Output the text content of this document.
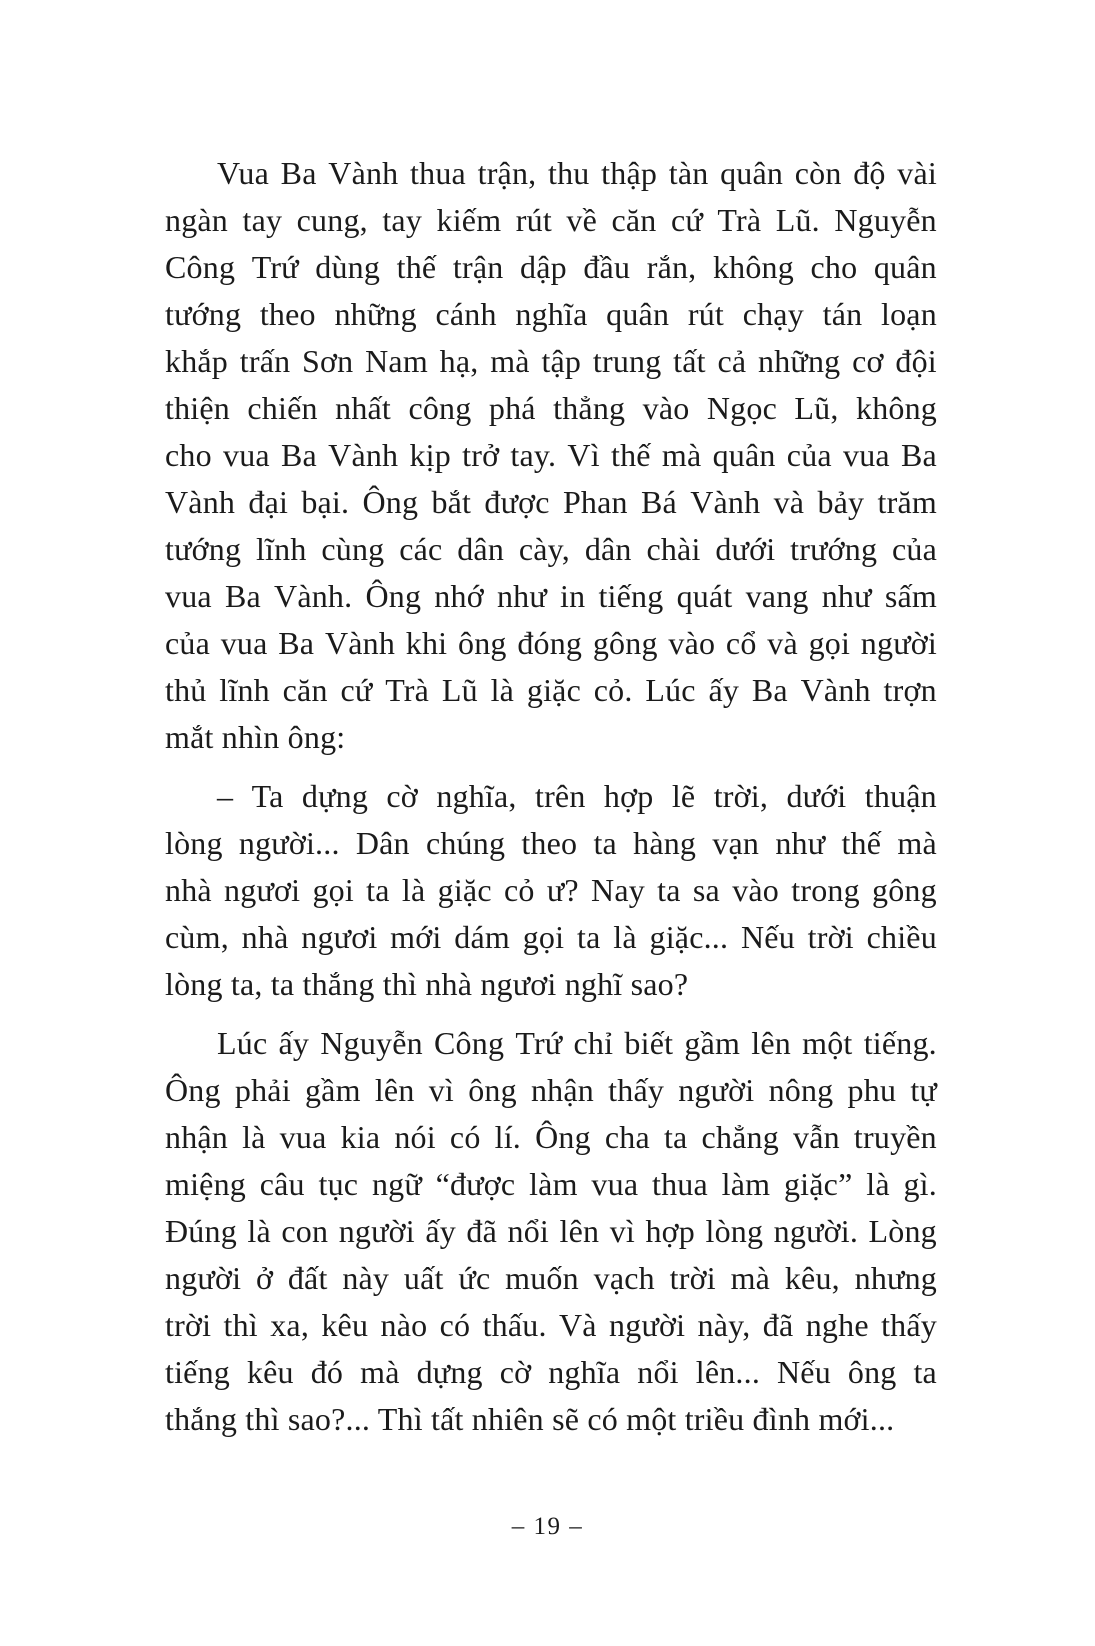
Vua Ba Vành thua trận, thu thập tàn quân còn độ vài
ngàn tay cung, tay kiếm rút về căn cứ Trà Lũ. Nguyễn
Công Trứ dùng thế trận dập đầu rắn, không cho quân
tướng theo những cánh nghĩa quân rút chạy tán loạn
khắp trấn Sơn Nam hạ, mà tập trung tất cả những cơ đội
thiện chiến nhất công phá thẳng vào Ngọc Lũ, không
cho vua Ba Vành kịp trở tay. Vì thế mà quân của vua Ba
Vành đại bại. Ông bắt được Phan Bá Vành và bảy trăm
tướng lĩnh cùng các dân cày, dân chài dưới trướng của
vua Ba Vành. Ông nhớ như in tiếng quát vang như sấm
của vua Ba Vành khi ông đóng gông vào cổ và gọi người
thủ lĩnh căn cứ Trà Lũ là giặc cỏ. Lúc ấy Ba Vành trợn
mắt nhìn ông:
– Ta dựng cờ nghĩa, trên hợp lẽ trời, dưới thuận
lòng người... Dân chúng theo ta hàng vạn như thế mà
nhà ngươi gọi ta là giặc cỏ ư? Nay ta sa vào trong gông
cùm, nhà ngươi mới dám gọi ta là giặc... Nếu trời chiều
lòng ta, ta thắng thì nhà ngươi nghĩ sao?
Lúc ấy Nguyễn Công Trứ chỉ biết gầm lên một tiếng.
Ông phải gầm lên vì ông nhận thấy người nông phu tự
nhận là vua kia nói có lí. Ông cha ta chẳng vẫn truyền
miệng câu tục ngữ “được làm vua thua làm giặc” là gì.
Đúng là con người ấy đã nổi lên vì hợp lòng người. Lòng
người ở đất này uất ức muốn vạch trời mà kêu, nhưng
trời thì xa, kêu nào có thấu. Và người này, đã nghe thấy
tiếng kêu đó mà dựng cờ nghĩa nổi lên... Nếu ông ta
thắng thì sao?... Thì tất nhiên sẽ có một triều đình mới...
– 19 –
